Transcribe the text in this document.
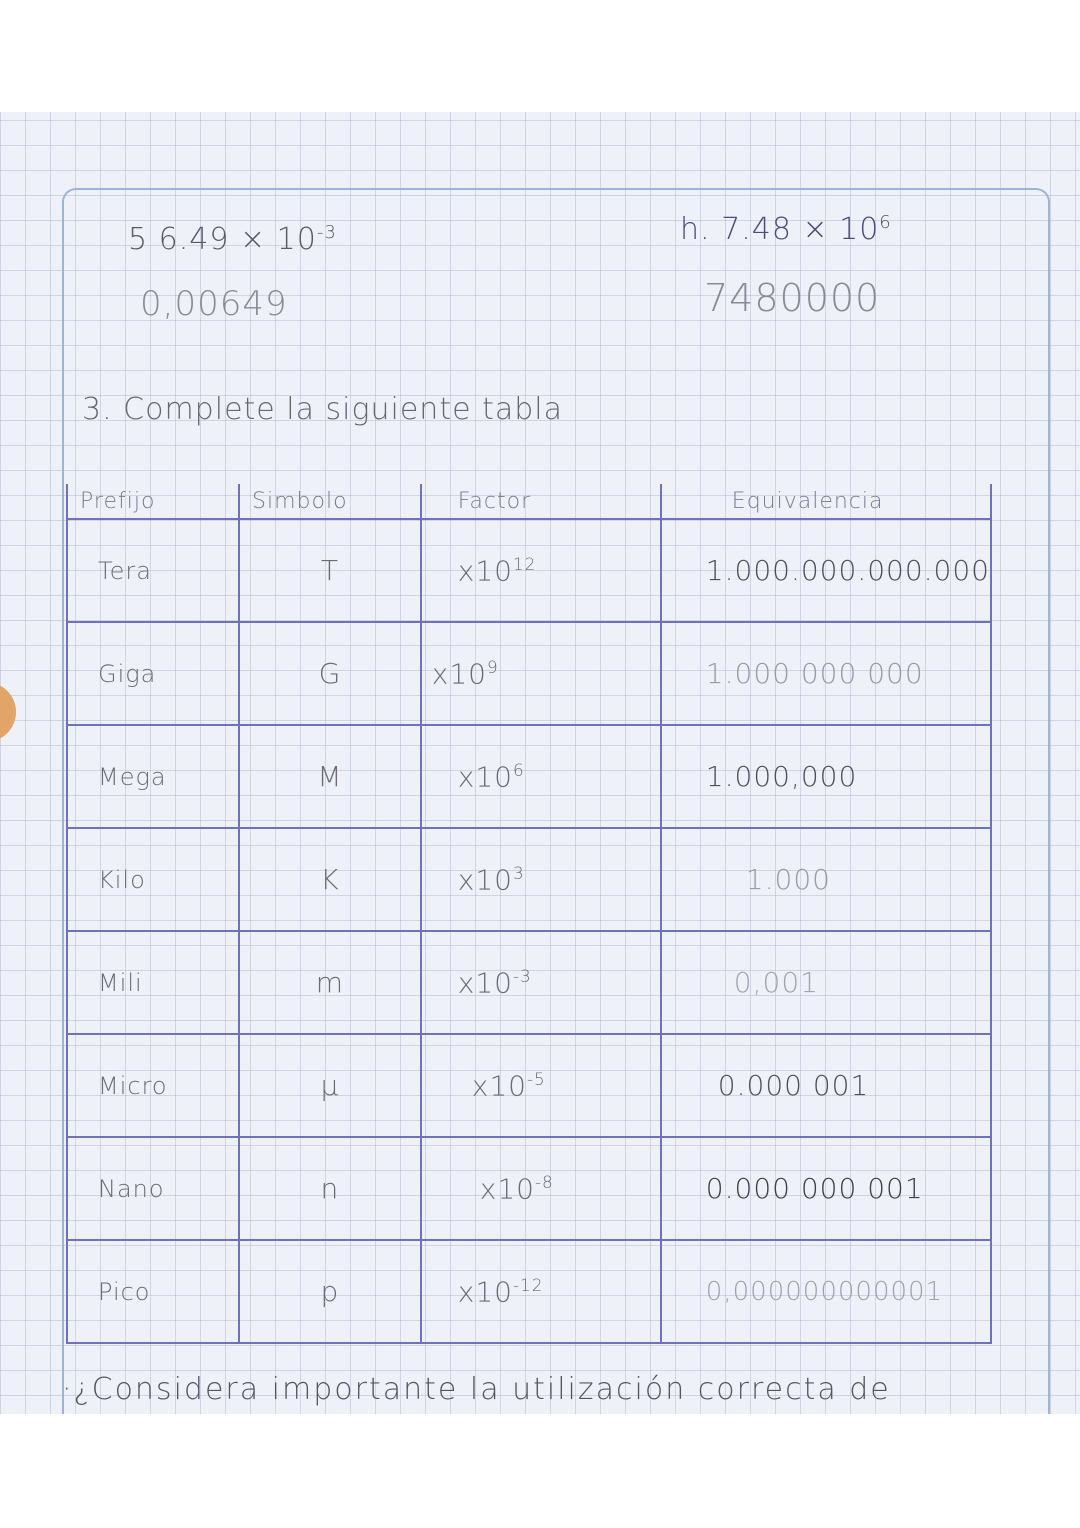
5 $6.49 \times 10^{-3}$
0,00649
h. $7.48 \times 10^6$
7480000
3. Complete la siguiente tabla
Prefijo	Simbolo	Factor	Equivalencia
Tera	T	$x10^{12}$	1.000.000.000.000
Giga	G	$x10^9$	1.000 000 000
Mega	M	$x10^6$	1.000,000
Kilo	K	$x10^3$	1.000
Mili	m	$x10^{-3}$	0,001
Micro	µ	$x10^{-5}$	0.000 001
Nano	n	$x10^{-8}$	0.000 000 001
Pico	p	$x10^{-12}$	0,000000000001
·¿Considera importante la utilización correcta de
